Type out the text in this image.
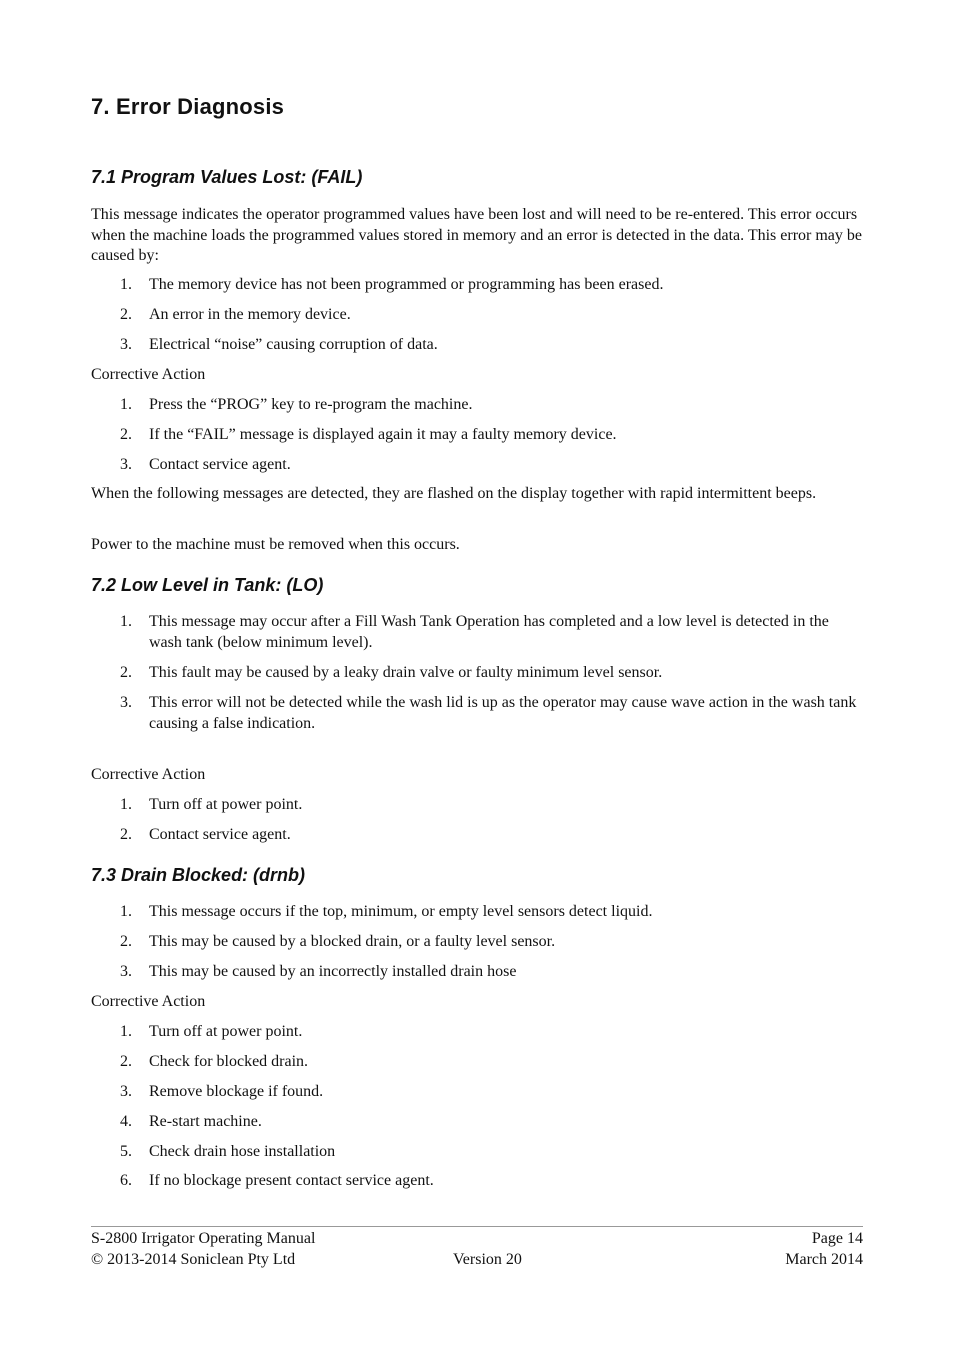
7. Error Diagnosis
7.1 Program Values Lost: (FAIL)

This message indicates the operator programmed values have been lost and will need to be re-entered. This error occurs when the machine loads the programmed values stored in memory and an error is detected in the data. This error may be caused by:

1.	The memory device has not been programmed or programming has been erased.
2.	An error in the memory device.
3.	Electrical “noise” causing corruption of data.

Corrective Action

1.	Press the “PROG” key to re-program the machine.
2.	If the “FAIL” message is displayed again it may a faulty memory device.
3.	Contact service agent.

When the following messages are detected, they are flashed on the display together with rapid intermittent beeps.

Power to the machine must be removed when this occurs.

7.2 Low Level in Tank: (LO)
1.	This message may occur after a Fill Wash Tank Operation has completed and a low level is detected in the wash tank (below minimum level).
2.	This fault may be caused by a leaky drain valve or faulty minimum level sensor.
3.	This error will not be detected while the wash lid is up as the operator may cause wave action in the wash tank causing a false indication.

Corrective Action

1.	Turn off at power point.
2.	Contact service agent.
7.3 Drain Blocked: (drnb)
1.	This message occurs if the top, minimum, or empty level sensors detect liquid.
2.	This may be caused by a blocked drain, or a faulty level sensor.
3.	This may be caused by an incorrectly installed drain hose

Corrective Action

1.	Turn off at power point.
2.	Check for blocked drain.
3.	Remove blockage if found.
4.	Re-start machine.
5.	Check drain hose installation
6.	If no blockage present contact service agent.
S-2800 Irrigator Operating Manual	Page 14
© 2013-2014 Soniclean Pty Ltd	Version 20	March 2014
